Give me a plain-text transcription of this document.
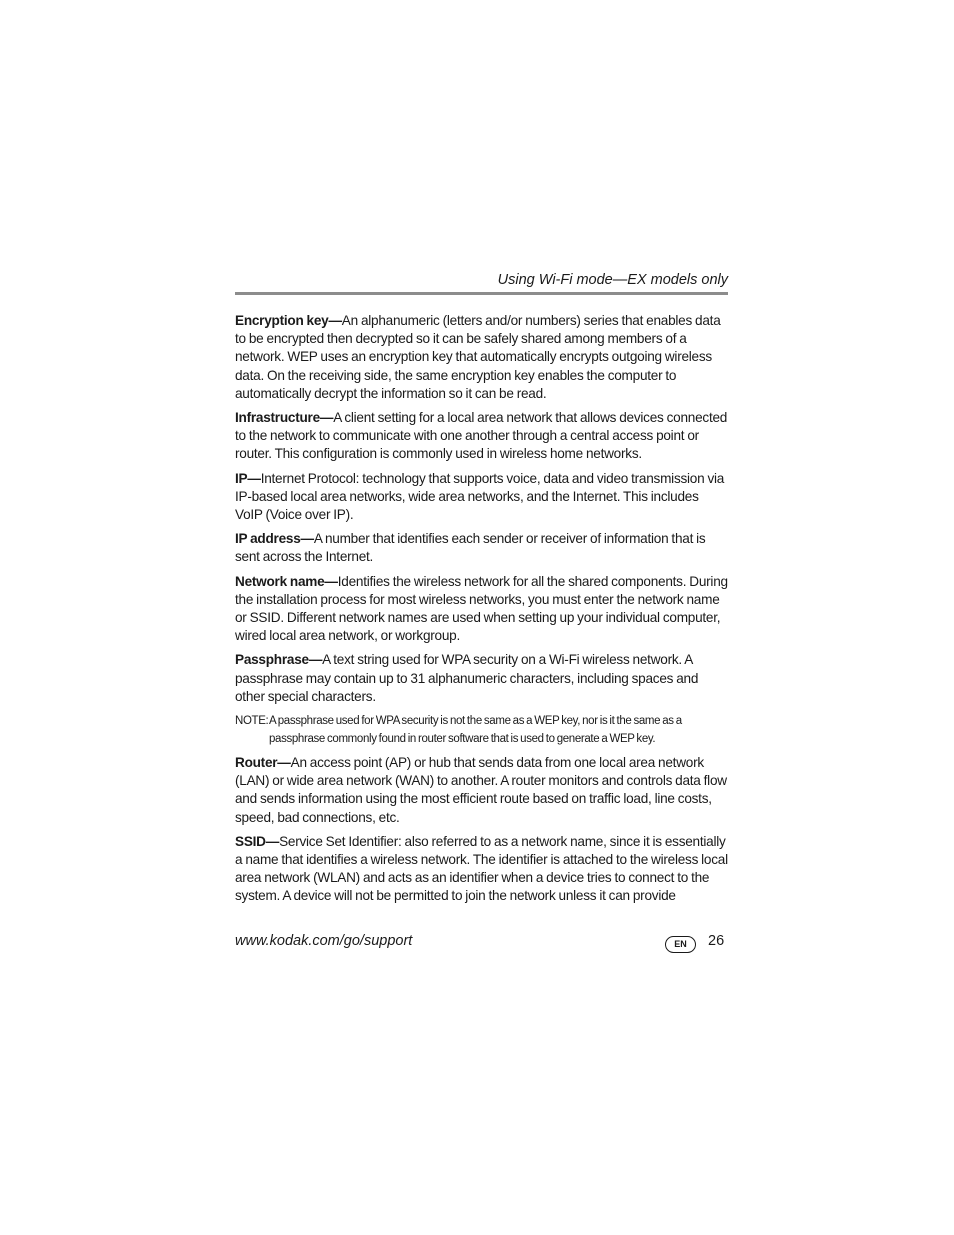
Using Wi-Fi mode—EX models only

Encryption key—An alphanumeric (letters and/or numbers) series that enables data to be encrypted then decrypted so it can be safely shared among members of a network. WEP uses an encryption key that automatically encrypts outgoing wireless data. On the receiving side, the same encryption key enables the computer to automatically decrypt the information so it can be read.

Infrastructure—A client setting for a local area network that allows devices connected to the network to communicate with one another through a central access point or router. This configuration is commonly used in wireless home networks.

IP—Internet Protocol: technology that supports voice, data and video transmission via IP-based local area networks, wide area networks, and the Internet. This includes VoIP (Voice over IP).

IP address—A number that identifies each sender or receiver of information that is sent across the Internet.

Network name—Identifies the wireless network for all the shared components. During the installation process for most wireless networks, you must enter the network name or SSID. Different network names are used when setting up your individual computer, wired local area network, or workgroup.

Passphrase—A text string used for WPA security on a Wi-Fi wireless network. A passphrase may contain up to 31 alphanumeric characters, including spaces and other special characters.

NOTE: A passphrase used for WPA security is not the same as a WEP key, nor is it the same as a passphrase commonly found in router software that is used to generate a WEP key.

Router—An access point (AP) or hub that sends data from one local area network (LAN) or wide area network (WAN) to another. A router monitors and controls data flow and sends information using the most efficient route based on traffic load, line costs, speed, bad connections, etc.

SSID—Service Set Identifier: also referred to as a network name, since it is essentially a name that identifies a wireless network. The identifier is attached to the wireless local area network (WLAN) and acts as an identifier when a device tries to connect to the system. A device will not be permitted to join the network unless it can provide

www.kodak.com/go/support	EN	26
